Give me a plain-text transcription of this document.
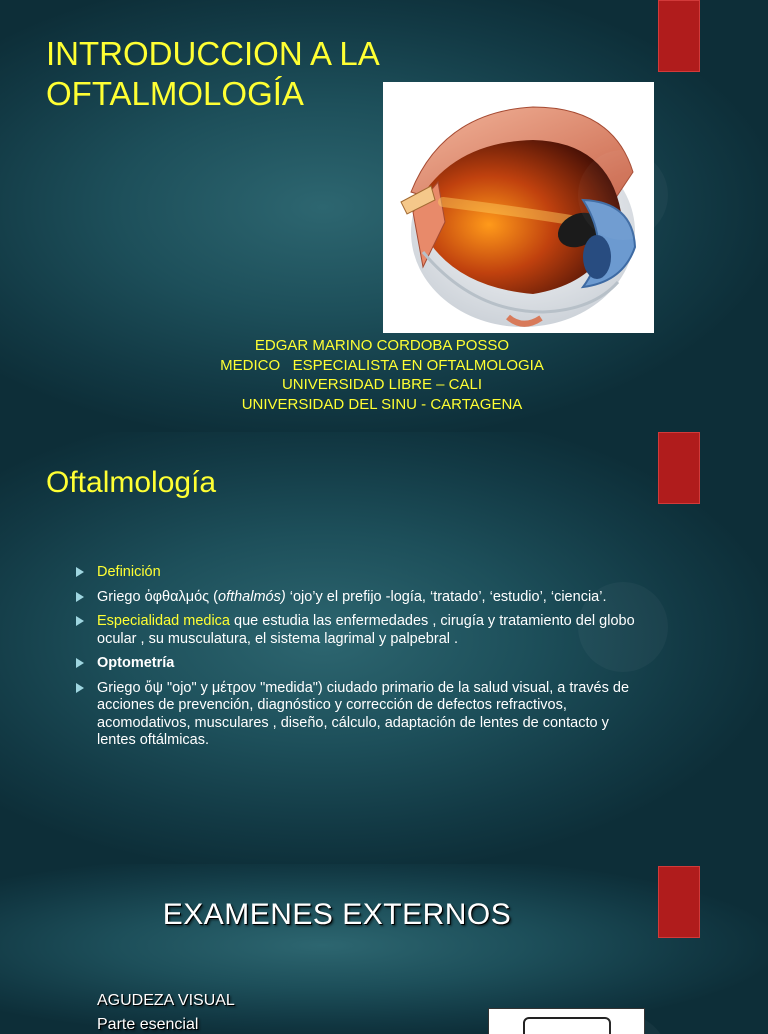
INTRODUCCION A LA
OFTALMOLOGÍA
EDGAR MARINO CORDOBA POSSO
MEDICO   ESPECIALISTA EN OFTALMOLOGIA
UNIVERSIDAD LIBRE – CALI
UNIVERSIDAD DEL SINU - CARTAGENA
Oftalmología
Definición
Griego ὀφθαλμός (ofthalmós) ‘ojo’y el prefijo -logía, ‘tratado’, ‘estudio’, ‘ciencia’.
Especialidad medica que estudia las enfermedades , cirugía y tratamiento del globo ocular , su musculatura, el sistema lagrimal y palpebral .
Optometría
Griego ὄψ "ojo" y μέτρον "medida") ciudado primario de la salud visual, a través de acciones de prevención, diagnóstico y corrección de defectos refractivos, acomodativos, musculares , diseño, cálculo, adaptación de lentes de contacto y lentes oftálmicas.
EXAMENES EXTERNOS
AGUDEZA VISUAL
Parte esencial
